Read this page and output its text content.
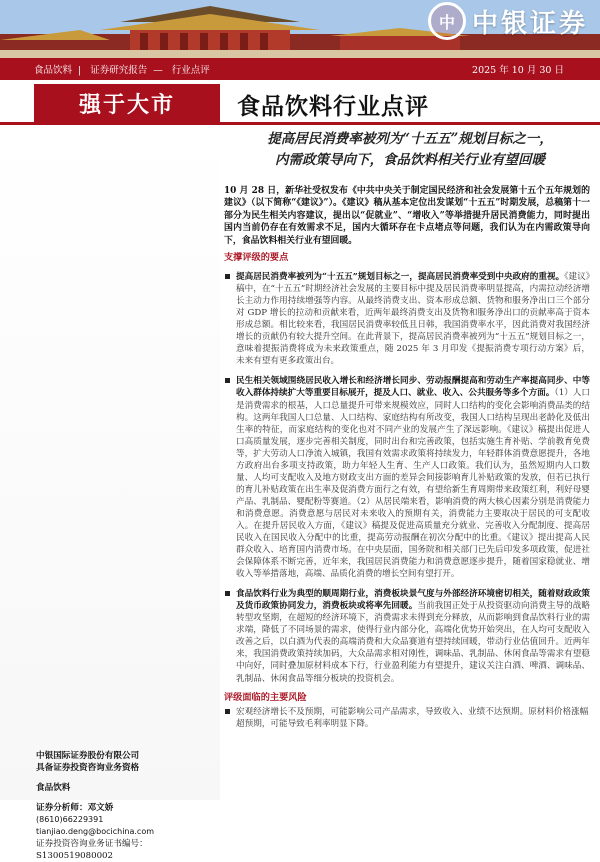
中 中银证券
食品饮料 | 证券研究报告 — 行业点评	2025 年 10 月 30 日
强于大市	食品饮料行业点评
中银国际证券股份有限公司
具备证券投资咨询业务资格
食品饮料
证券分析师：邓文娇
(8610)66229391
tianjiao.deng@bocichina.com
证券投资咨询业务证书编号：S1300519080002
提高居民消费率被列为“十五五”规划目标之一，
内需政策导向下，食品饮料相关行业有望回暖
10 月 28 日，新华社受权发布《中共中央关于制定国民经济和社会发展第十五个五年规划的建议》（以下简称“《建议》”）。《建议》稿从基本定位出发谋划“十五五”时期发展，总稿第十一部分为民生相关内容建议，提出以“促就业”、“增收入”等举措提升居民消费能力，同时提出国内当前仍存在有效需求不足，国内大循环存在卡点堵点等问题，我们认为在内需政策导向下，食品饮料相关行业有望回暖。
支撑评级的要点
提高居民消费率被列为“十五五”规划目标之一，提高居民消费率受到中央政府的重视。《建议》稿中，在“十五五”时期经济社会发展的主要目标中提及居民消费率明显提高，内需拉动经济增长主动力作用持续增强等内容。从最终消费支出、资本形成总额、货物和服务净出口三个部分对 GDP 增长的拉动和贡献来看，近两年最终消费支出及货物和服务净出口的贡献率高于资本形成总额。相比较来看，我国居民消费率较低且日韩，我国消费率水平，因此消费对我国经济增长的贡献仍有较大提升空间。在此背景下，提高居民消费率被列为“十五五”规划目标之一，意味着提振消费将成为未来政策重点，随 2025 年 3 月印发《提振消费专项行动方案》后，未来有望有更多政策出台。
民生相关领域围绕居民收入增长和经济增长同步、劳动报酬提高和劳动生产率提高同步、中等收入群体持续扩大等重要目标展开，提及人口、就业、收入、公共服务等多个方面。（1）人口是消费需求的根基，人口总量提升可带来规模效应，同时人口结构的变化会影响消费品类的结构。这两年我国人口总量、人口结构、家庭结构有所改变，我国人口结构呈现出老龄化及低出生率的特征，而家庭结构的变化也对不同产业的发展产生了深远影响。《建议》稿提出促进人口高质量发展，逐步完善相关制度，同时出台和完善政策，包括实施生育补贴、学前教育免费等，扩大劳动人口净流入城镇，我国有效需求政策将持续发力，年轻群体消费意愿提升，各地方政府出台多项支持政策，助力年轻人生育、生产人口政策。我们认为，虽然短期内人口数量、人均可支配收入及地方财政支出方面的差异会间接影响育儿补贴政策的发放，但若已执行的育儿补贴政策在出生率及促消费方面行之有效，有望给新生育周期带来政策红利，利好母婴产品、乳制品、婴配粉等赛道。（2）从居民端来看，影响消费的两大核心因素分别是消费能力和消费意愿。消费意愿与居民对未来收入的预期有关，消费能力主要取决于居民的可支配收入。在提升居民收入方面，《建议》稿提及促进高质量充分就业、完善收入分配制度、提高居民收入在国民收入分配中的比重，提高劳动报酬在初次分配中的比重。《建议》提出提高人民群众收入、培育国内消费市场。在中央层面，国务院和相关部门已先后印发多项政策，促进社会保障体系不断完善，近年来，我国居民消费能力和消费意愿逐步提升，随着国家稳就业、增收入等举措落地，高端、品质化消费的增长空间有望打开。
食品饮料行业为典型的顺周期行业，消费板块景气度与外部经济环境密切相关，随着财政政策及货币政策协同发力，消费板块或将率先回暖。当前我国正处于从投资驱动向消费主导的战略转型攻坚期，在超短的经济环境下，消费需求未得到充分释放，从而影响到食品饮料行业的需求端，降低了不同场景的需求，使得行业内部分化，高端化优势开始突出，在人均可支配收入改善之后，以白酒为代表的高端消费和大众品赛道有望持续回暖，带动行业估值回升。近两年来，我国消费政策持续加码，大众品需求相对刚性，调味品、乳制品、休闲食品等需求有望稳中向好，同时叠加原材料成本下行，行业盈利能力有望提升，建议关注白酒、啤酒、调味品、乳制品、休闲食品等细分板块的投资机会。
评级面临的主要风险
宏观经济增长不及预期，可能影响公司产品需求，导致收入、业绩不达预期。原材料价格涨幅超预期，可能导致毛利率明显下降。
